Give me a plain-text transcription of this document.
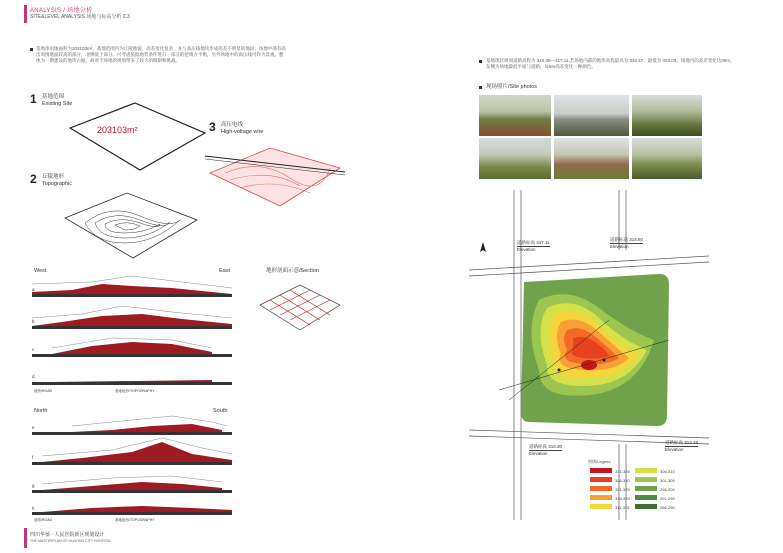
ANALYSIS / 场地分析
SITE&LEVEL ANALYSIS 场地与标高分析 2.3
基地净用地面积为203103m²。基地范围内为丘陵地貌，高差变化复杂，并与高压线地块形成高差不明显的地段；场地中部有高出周围地面较高的部分，北侧低于部分。可考虑依据地势条件进行一部分的挖填方平衡，另外场地中的高压线可作为景观。整体为一期建设的地块占据，故对于场地的规划带来了较大的限制和挑战。
1 基地范围
Existing Site
203103m²	3 高压电线
High-voltage wire
2 丘陵地形
Topographic
West	East
a
b
c
d
道路/ROAD	基地地形/TOPOGRAPHY
地形剖面示意/Section
North	South
e
f
g
h
道路/ROAD	基地地形/TOPOGRAPHY
四川华蓥 · 人民医院新区规划设计
THE MASTERPLAN OF HUAYING CITY HOSPITAL
基地现状规划道路高程为 310.30—317.11,若场地内部的地形高程最高为 333.17，最低为 303.03。场地内的高差变化达30m。东侧为场地最低平面与道路，每5m高差变化一种颜色。
现场照片/Site photos
道路标高 317.11
Elevation
道路标高 314.60
Elevation
道路标高 310.30
Elevation
道路标高 313.28
Elevation
图例/Legend
331-335
326-330
321-325
316-320
311-315
306-310
301-305
296-300
291-295
286-290
